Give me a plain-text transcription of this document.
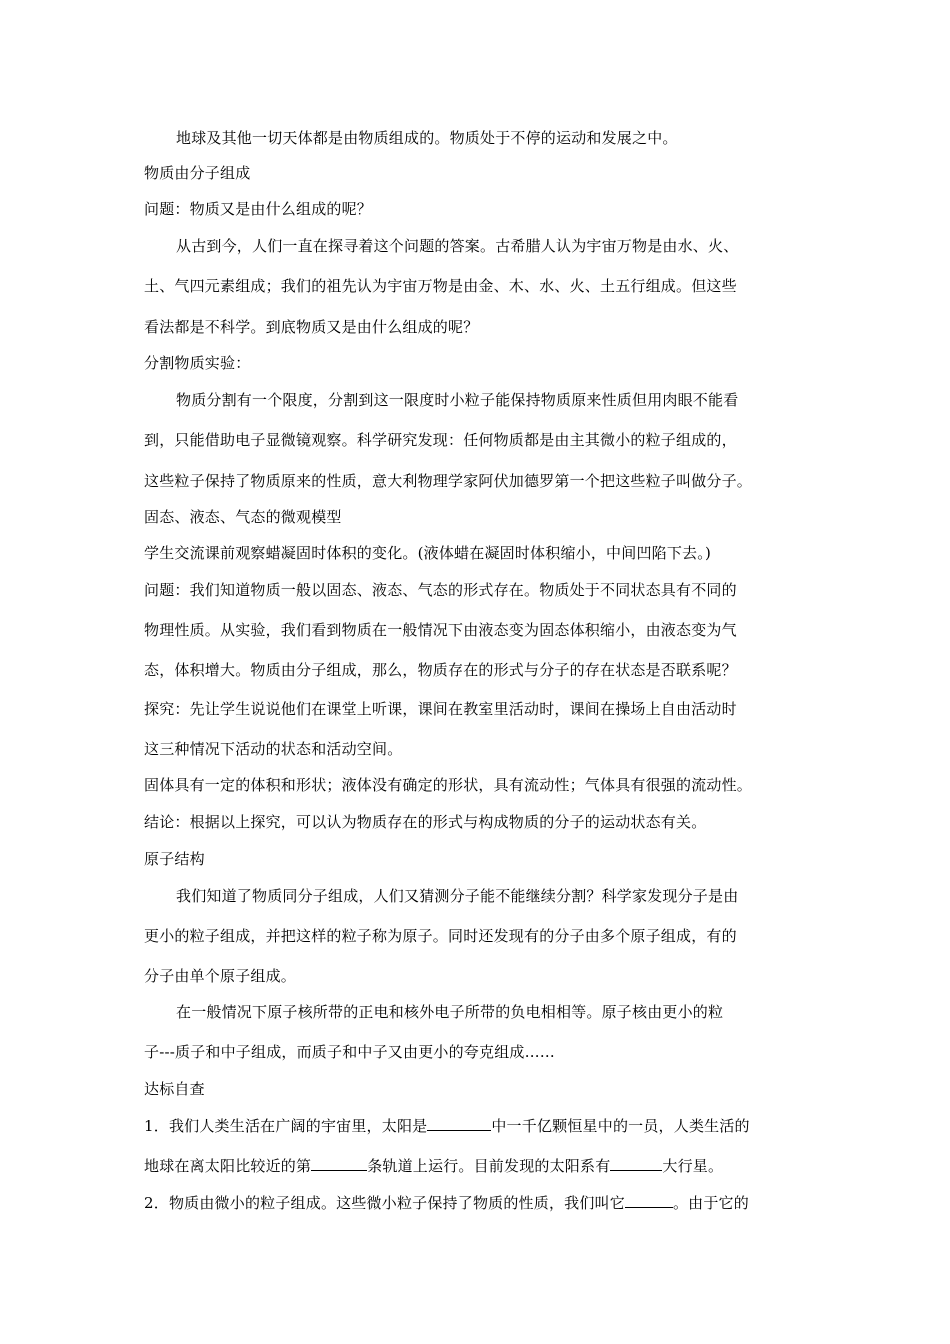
地球及其他一切天体都是由物质组成的。物质处于不停的运动和发展之中。
物质由分子组成
问题：物质又是由什么组成的呢？
从古到今，人们一直在探寻着这个问题的答案。古希腊人认为宇宙万物是由水、火、
土、气四元素组成；我们的祖先认为宇宙万物是由金、木、水、火、土五行组成。但这些
看法都是不科学。到底物质又是由什么组成的呢？
分割物质实验：
物质分割有一个限度，分割到这一限度时小粒子能保持物质原来性质但用肉眼不能看
到，只能借助电子显微镜观察。科学研究发现：任何物质都是由主其微小的粒子组成的，
这些粒子保持了物质原来的性质，意大利物理学家阿伏加德罗第一个把这些粒子叫做分子。
固态、液态、气态的微观模型
学生交流课前观察蜡凝固时体积的变化。(液体蜡在凝固时体积缩小，中间凹陷下去。)
问题：我们知道物质一般以固态、液态、气态的形式存在。物质处于不同状态具有不同的
物理性质。从实验，我们看到物质在一般情况下由液态变为固态体积缩小，由液态变为气
态，体积增大。物质由分子组成，那么，物质存在的形式与分子的存在状态是否联系呢？
探究：先让学生说说他们在课堂上听课，课间在教室里活动时，课间在操场上自由活动时
这三种情况下活动的状态和活动空间。
固体具有一定的体积和形状；液体没有确定的形状，具有流动性；气体具有很强的流动性。
结论：根据以上探究，可以认为物质存在的形式与构成物质的分子的运动状态有关。
原子结构
我们知道了物质同分子组成，人们又猜测分子能不能继续分割？科学家发现分子是由
更小的粒子组成，并把这样的粒子称为原子。同时还发现有的分子由多个原子组成，有的
分子由单个原子组成。
在一般情况下原子核所带的正电和核外电子所带的负电相相等。原子核由更小的粒
子---质子和中子组成，而质子和中子又由更小的夸克组成……
达标自查
1．我们人类生活在广阔的宇宙里，太阳是	中一千亿颗恒星中的一员，人类生活的
地球在离太阳比较近的第	条轨道上运行。目前发现的太阳系有	大行星。
2．物质由微小的粒子组成。这些微小粒子保持了物质的性质，我们叫它	。由于它的
